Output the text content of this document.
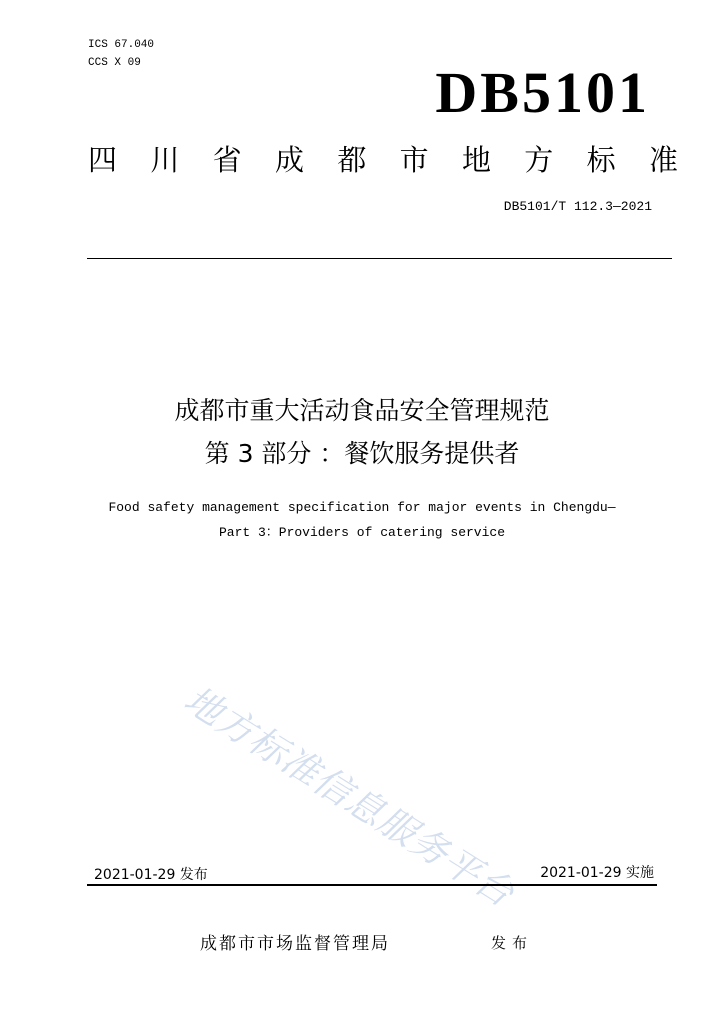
ICS 67.040
CCS X 09	DB5101
四 川 省 成 都 市 地 方 标 准
DB5101/T 112.3—2021
成都市重大活动食品安全管理规范
第 3 部分 ：餐饮服务提供者
Food safety management specification for major events in Chengdu—
Part 3：Providers of catering service
地方标准信息服务平台
2021-01-29 发布	2021-01-29 实施
成都市市场监督管理局	发布
